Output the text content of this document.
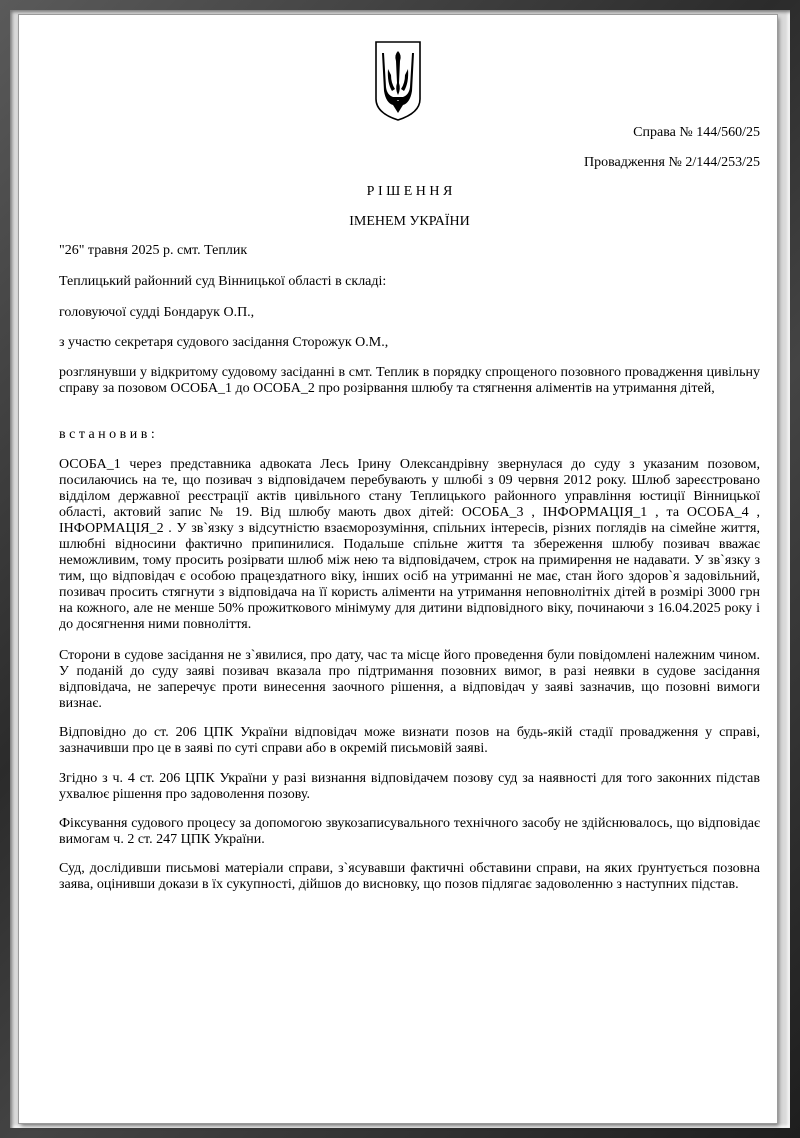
Справа № 144/560/25
Провадження № 2/144/253/25
Р І Ш Е Н Н Я
ІМЕНЕМ УКРАЇНИ
"26" травня 2025 р. смт. Теплик
Теплицький районний суд Вінницької області в складі:
головуючої судді Бондарук О.П.,
з участю секретаря судового засідання Сторожук О.М.,
розглянувши у відкритому судовому засіданні в смт. Теплик в порядку спрощеного позовного провадження цивільну справу за позовом ОСОБА_1 до ОСОБА_2 про розірвання шлюбу та стягнення аліментів на утримання дітей,
в с т а н о в и в :
ОСОБА_1 через представника адвоката Лесь Ірину Олександрівну звернулася до суду з указаним позовом, посилаючись на те, що позивач з відповідачем перебувають у шлюбі з 09 червня 2012 року. Шлюб зареєстровано відділом державної реєстрації актів цивільного стану Теплицького районного управління юстиції Вінницької області, актовий запис № 19. Від шлюбу мають двох дітей: ОСОБА_3 , ІНФОРМАЦІЯ_1 , та ОСОБА_4 , ІНФОРМАЦІЯ_2 . У зв`язку з відсутністю взаєморозуміння, спільних інтересів, різних поглядів на сімейне життя, шлюбні відносини фактично припинилися. Подальше спільне життя та збереження шлюбу позивач вважає неможливим, тому просить розірвати шлюб між нею та відповідачем, строк на примирення не надавати. У зв`язку з тим, що відповідач є особою працездатного віку, інших осіб на утриманні не має, стан його здоров`я задовільний, позивач просить стягнути з відповідача на її користь аліменти на утримання неповнолітніх дітей в розмірі 3000 грн на кожного, але не менше 50% прожиткового мінімуму для дитини відповідного віку, починаючи з 16.04.2025 року і до досягнення ними повноліття.
Сторони в судове засідання не з`явилися, про дату, час та місце його проведення були повідомлені належним чином. У поданій до суду заяві позивач вказала про підтримання позовних вимог, в разі неявки в судове засідання відповідача, не заперечує проти винесення заочного рішення, а відповідач у заяві зазначив, що позовні вимоги визнає.
Відповідно до ст. 206 ЦПК України відповідач може визнати позов на будь-якій стадії провадження у справі, зазначивши про це в заяві по суті справи або в окремій письмовій заяві.
Згідно з ч. 4 ст. 206 ЦПК України у разі визнання відповідачем позову суд за наявності для того законних підстав ухвалює рішення про задоволення позову.
Фіксування судового процесу за допомогою звукозаписувального технічного засобу не здійснювалось, що відповідає вимогам ч. 2 ст. 247 ЦПК України.
Суд, дослідивши письмові матеріали справи, з`ясувавши фактичні обставини справи, на яких ґрунтується позовна заява, оцінивши докази в їх сукупності, дійшов до висновку, що позов підлягає задоволенню з наступних підстав.
